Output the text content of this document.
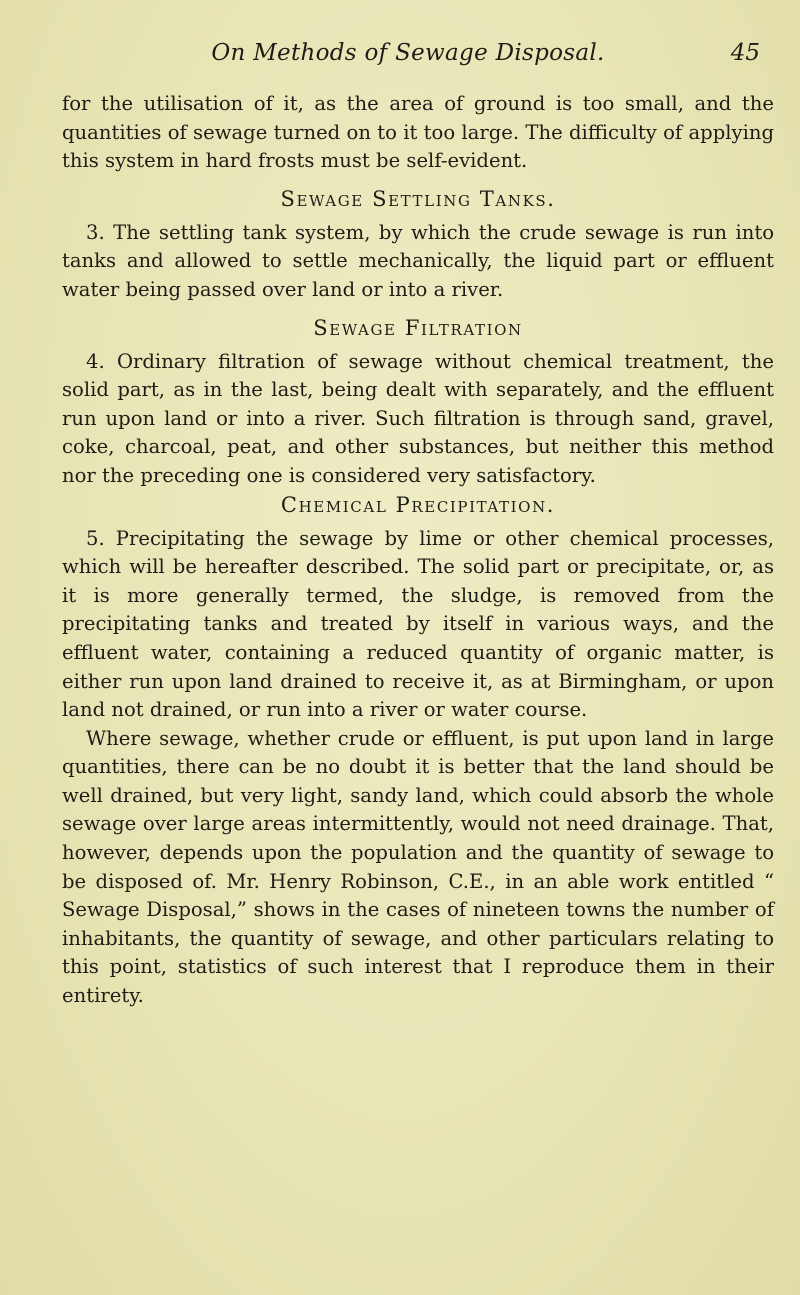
On Methods of Sewage Disposal.	45

for the utilisation of it, as the area of ground is too small, and the quantities of sewage turned on to it too large. The difficulty of applying this system in hard frosts must be self-evident.

Sewage Settling Tanks.

3. The settling tank system, by which the crude sewage is run into tanks and allowed to settle mechanically, the liquid part or effluent water being passed over land or into a river.

Sewage Filtration

4. Ordinary filtration of sewage without chemical treatment, the solid part, as in the last, being dealt with separately, and the effluent run upon land or into a river. Such filtration is through sand, gravel, coke, charcoal, peat, and other substances, but neither this method nor the preceding one is considered very satisfactory.

Chemical Precipitation.

5. Precipitating the sewage by lime or other chemical processes, which will be hereafter described. The solid part or precipitate, or, as it is more generally termed, the sludge, is removed from the precipitating tanks and treated by itself in various ways, and the effluent water, containing a reduced quantity of organic matter, is either run upon land drained to receive it, as at Birmingham, or upon land not drained, or run into a river or water course.

Where sewage, whether crude or effluent, is put upon land in large quantities, there can be no doubt it is better that the land should be well drained, but very light, sandy land, which could absorb the whole sewage over large areas intermittently, would not need drainage. That, however, depends upon the population and the quantity of sewage to be disposed of. Mr. Henry Robinson, C.E., in an able work entitled “ Sewage Disposal,” shows in the cases of nineteen towns the number of inhabitants, the quantity of sewage, and other particulars relating to this point, statistics of such interest that I reproduce them in their entirety.
